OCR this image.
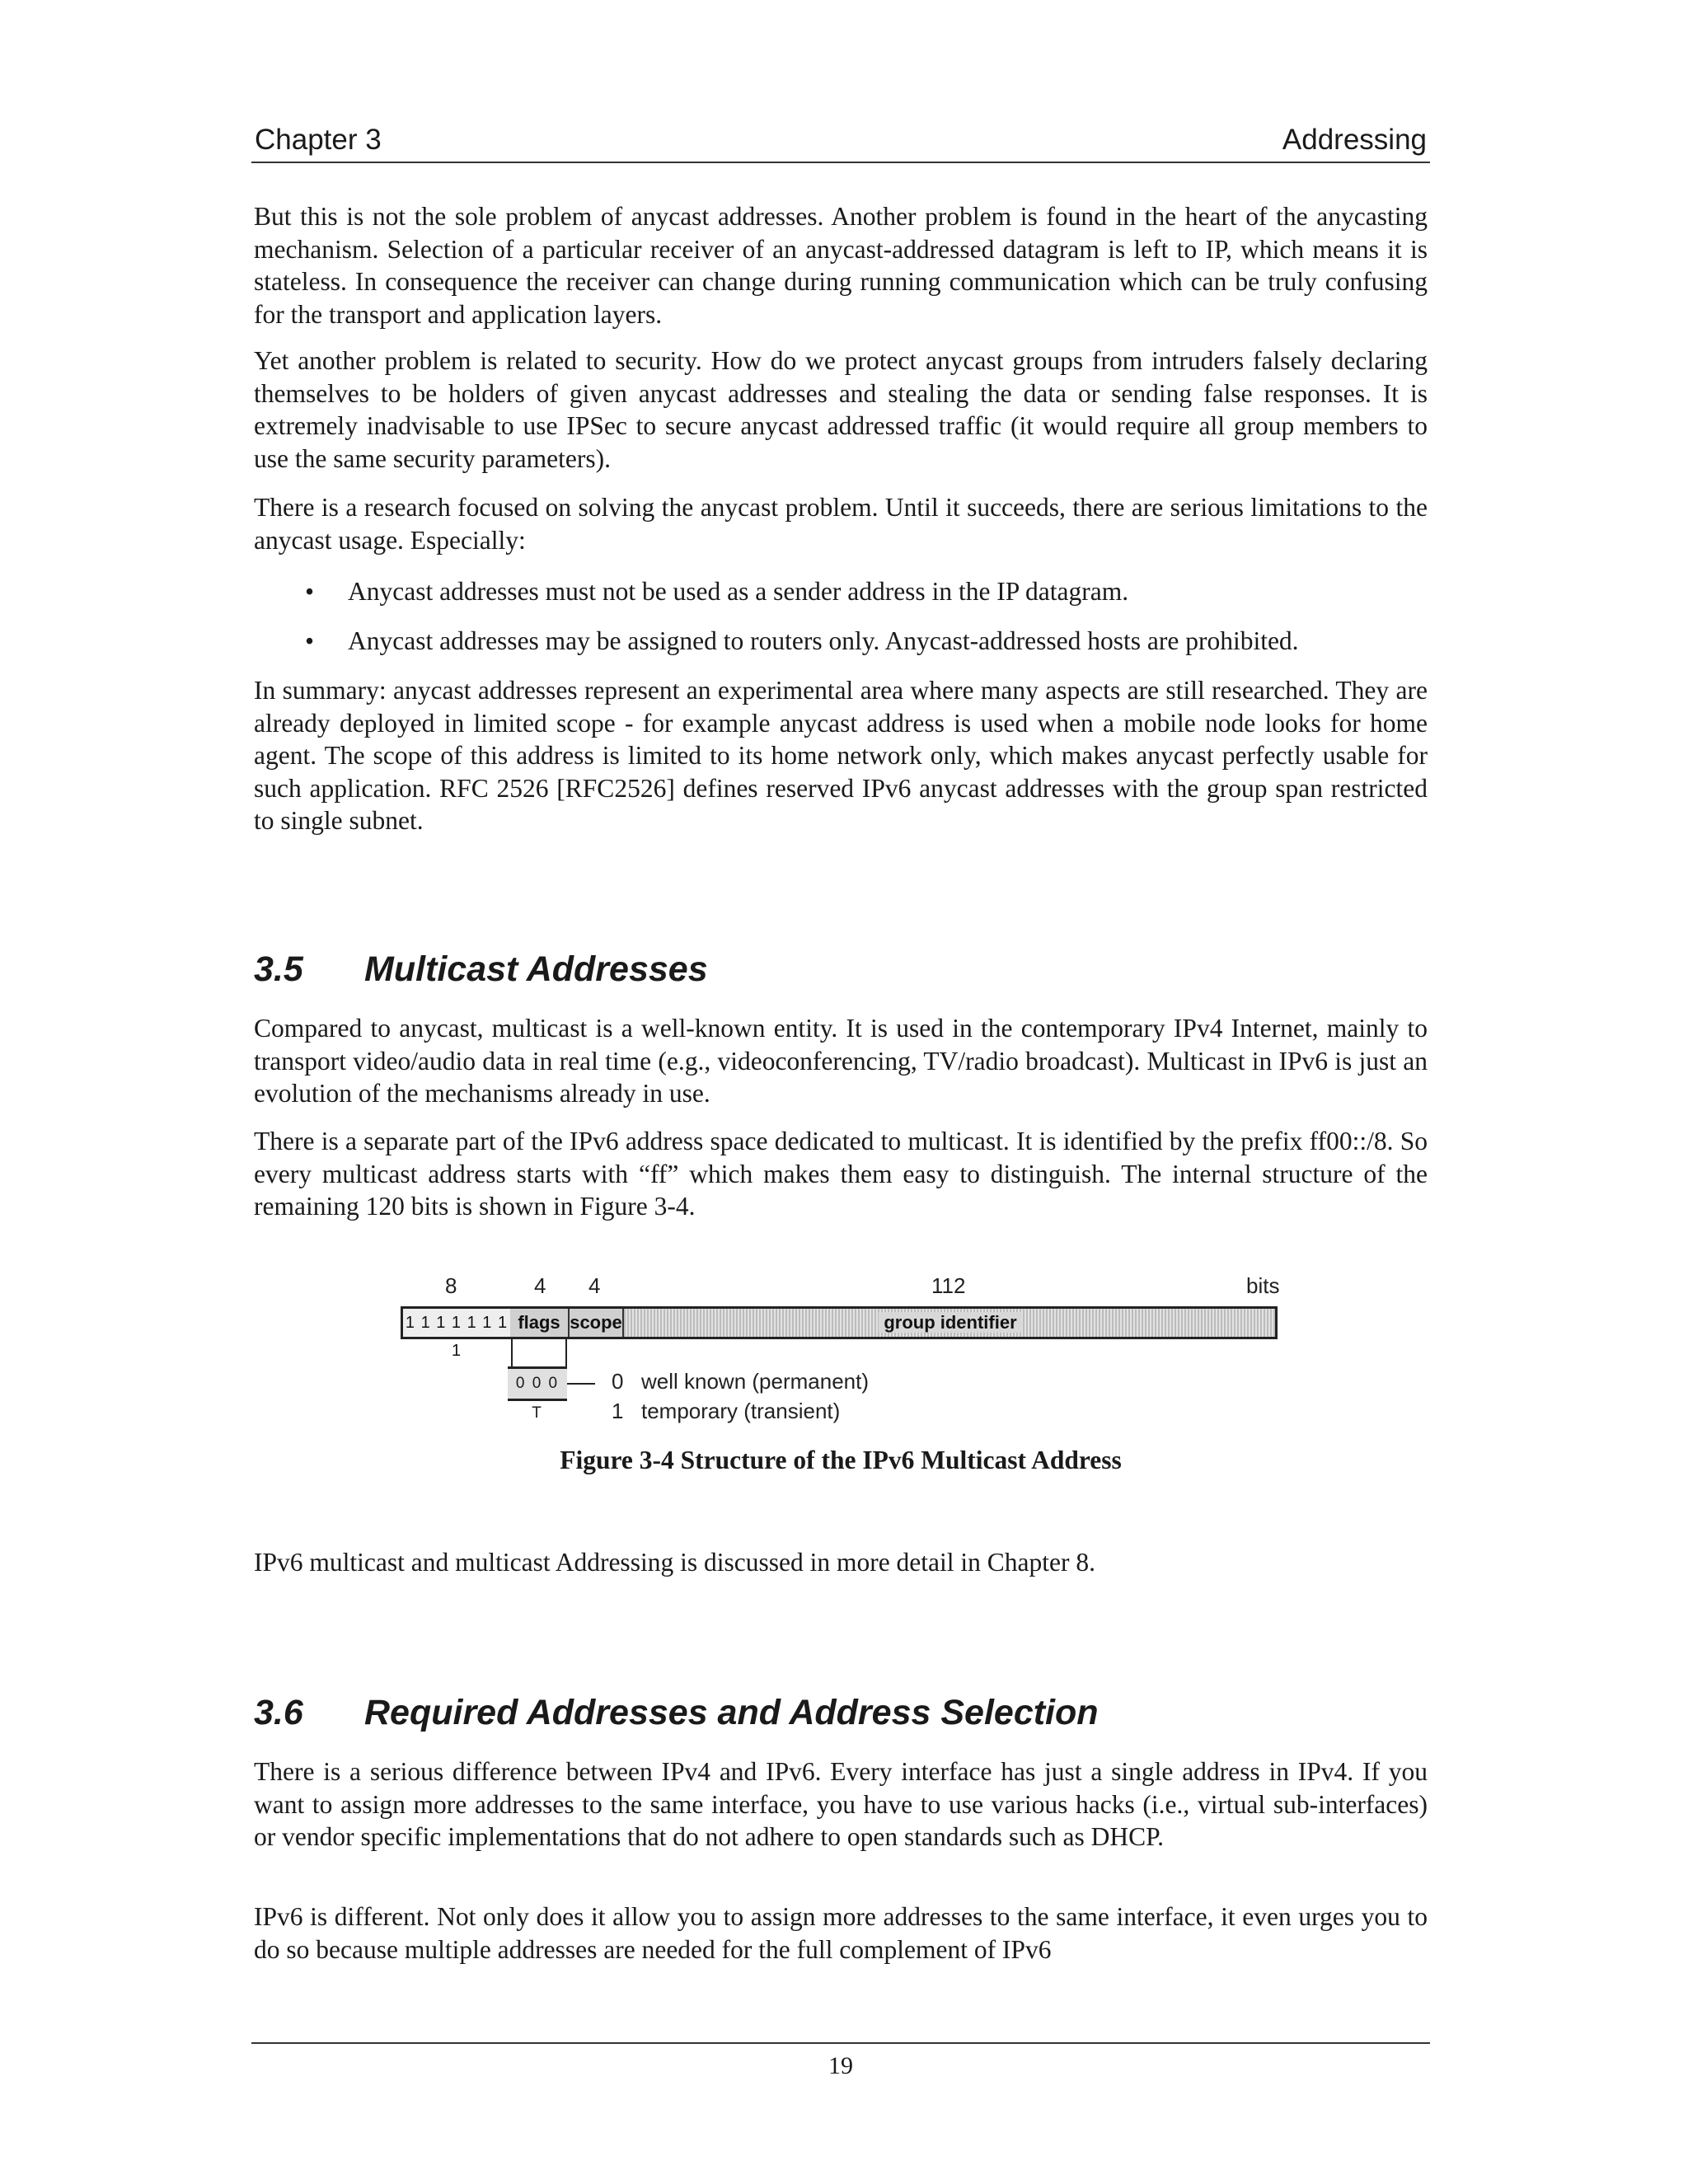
Chapter 3	Addressing
But this is not the sole problem of anycast addresses. Another problem is found in the heart of the anycasting mechanism. Selection of a particular receiver of an anycast-addressed datagram is left to IP, which means it is stateless. In consequence the receiver can change during running communication which can be truly confusing for the transport and application layers.
Yet another problem is related to security. How do we protect anycast groups from intruders falsely declaring themselves to be holders of given anycast addresses and stealing the data or sending false responses. It is extremely inadvisable to use IPSec to secure anycast addressed traffic (it would require all group members to use the same security parameters).
There is a research focused on solving the anycast problem. Until it succeeds, there are serious limitations to the anycast usage. Especially:
• Anycast addresses must not be used as a sender address in the IP datagram.
• Anycast addresses may be assigned to routers only. Anycast-addressed hosts are prohibited.
In summary: anycast addresses represent an experimental area where many aspects are still researched. They are already deployed in limited scope - for example anycast address is used when a mobile node looks for home agent. The scope of this address is limited to its home network only, which makes anycast perfectly usable for such application. RFC 2526 [RFC2526] defines reserved IPv6 anycast addresses with the group span restricted to single subnet.
3.5 Multicast Addresses
Compared to anycast, multicast is a well-known entity. It is used in the contemporary IPv4 Internet, mainly to transport video/audio data in real time (e.g., videoconferencing, TV/radio broadcast). Multicast in IPv6 is just an evolution of the mechanisms already in use.
There is a separate part of the IPv6 address space dedicated to multicast. It is identified by the prefix ff00::/8. So every multicast address starts with “ff” which makes them easy to distinguish. The internal structure of the remaining 120 bits is shown in Figure 3-4.
8	4 4	112	bits
1 1 1 1 1 1 1 1
flags scope	group identifier
0 0 0 T
0 well known (permanent)
1 temporary (transient)
Figure 3-4 Structure of the IPv6 Multicast Address
IPv6 multicast and multicast Addressing is discussed in more detail in Chapter 8.
3.6 Required Addresses and Address Selection
There is a serious difference between IPv4 and IPv6. Every interface has just a single address in IPv4. If you want to assign more addresses to the same interface, you have to use various hacks (i.e., virtual sub-interfaces) or vendor specific implementations that do not adhere to open standards such as DHCP.
IPv6 is different. Not only does it allow you to assign more addresses to the same interface, it even urges you to do so because multiple addresses are needed for the full complement of IPv6
19
